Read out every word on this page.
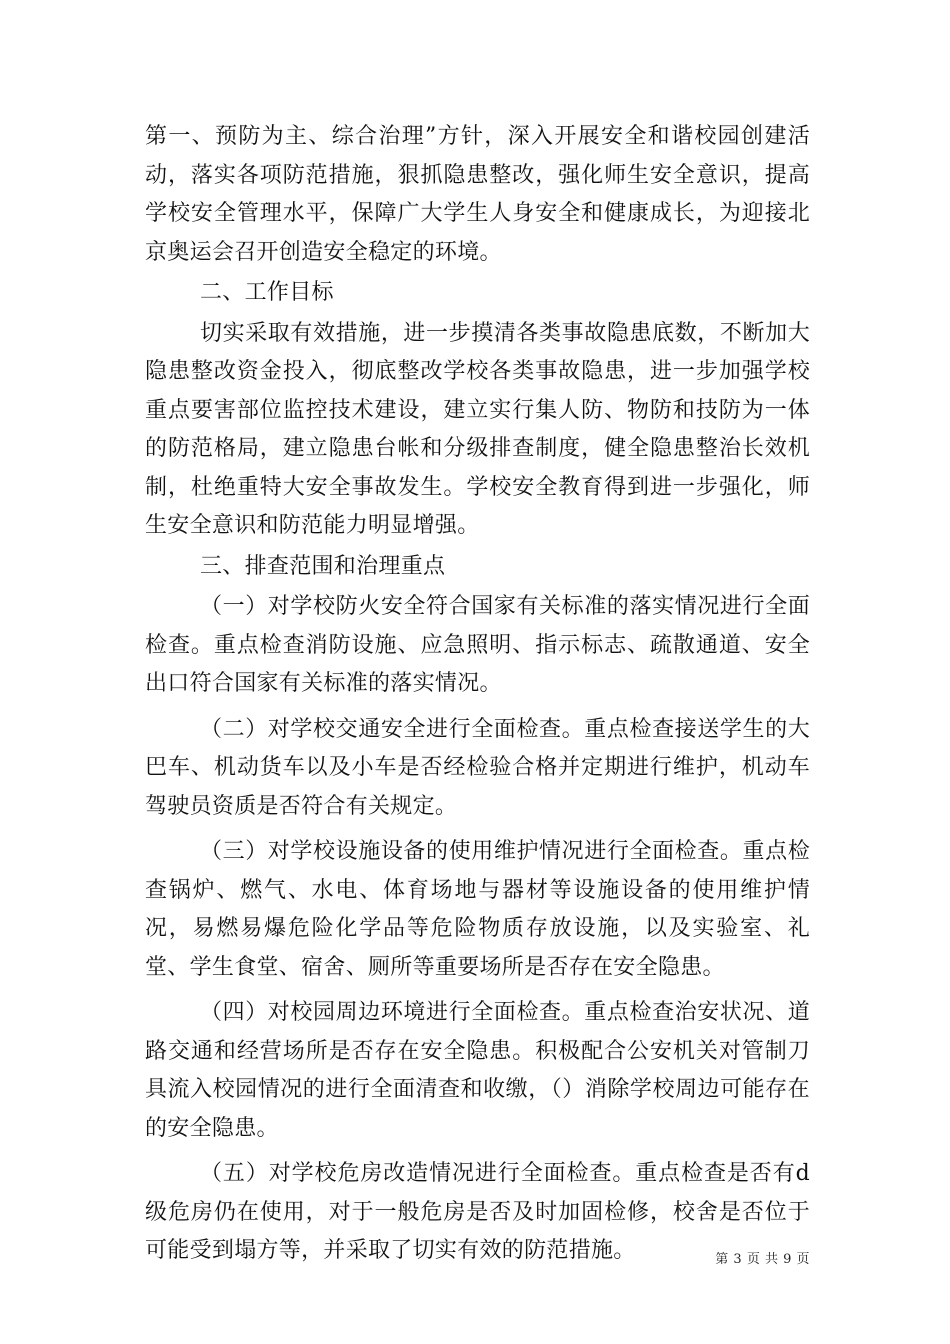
第一、预防为主、综合治理”方针，深入开展安全和谐校园创建活动，落实各项防范措施，狠抓隐患整改，强化师生安全意识，提高学校安全管理水平，保障广大学生人身安全和健康成长，为迎接北京奥运会召开创造安全稳定的环境。

二、工作目标

切实采取有效措施，进一步摸清各类事故隐患底数，不断加大隐患整改资金投入，彻底整改学校各类事故隐患，进一步加强学校重点要害部位监控技术建设，建立实行集人防、物防和技防为一体的防范格局，建立隐患台帐和分级排查制度，健全隐患整治长效机制，杜绝重特大安全事故发生。学校安全教育得到进一步强化，师生安全意识和防范能力明显增强。

三、排查范围和治理重点

（一）对学校防火安全符合国家有关标准的落实情况进行全面检查。重点检查消防设施、应急照明、指示标志、疏散通道、安全出口符合国家有关标准的落实情况。

（二）对学校交通安全进行全面检查。重点检查接送学生的大巴车、机动货车以及小车是否经检验合格并定期进行维护，机动车驾驶员资质是否符合有关规定。

（三）对学校设施设备的使用维护情况进行全面检查。重点检查锅炉、燃气、水电、体育场地与器材等设施设备的使用维护情况，易燃易爆危险化学品等危险物质存放设施，以及实验室、礼堂、学生食堂、宿舍、厕所等重要场所是否存在安全隐患。

（四）对校园周边环境进行全面检查。重点检查治安状况、道路交通和经营场所是否存在安全隐患。积极配合公安机关对管制刀具流入校园情况的进行全面清查和收缴，（）消除学校周边可能存在的安全隐患。

（五）对学校危房改造情况进行全面检查。重点检查是否有d级危房仍在使用，对于一般危房是否及时加固检修，校舍是否位于可能受到塌方等，并采取了切实有效的防范措施。	第 3 页 共 9 页
